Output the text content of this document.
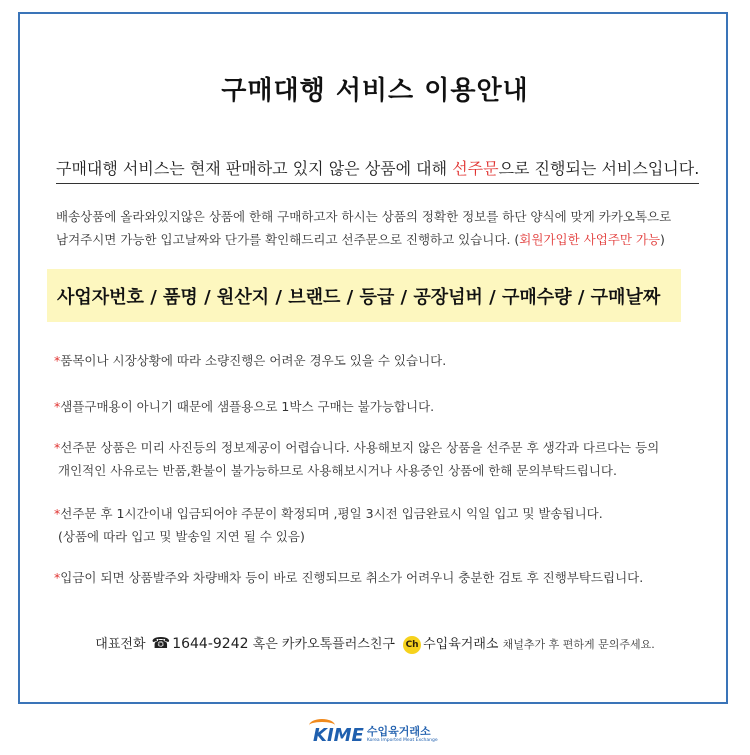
구매대행 서비스 이용안내
구매대행 서비스는 현재 판매하고 있지 않은 상품에 대해 선주문으로 진행되는 서비스입니다.
배송상품에 올라와있지않은 상품에 한해 구매하고자 하시는 상품의 정확한 정보를 하단 양식에 맞게 카카오톡으로
남겨주시면 가능한 입고날짜와 단가를 확인해드리고 선주문으로 진행하고 있습니다. (회원가입한 사업주만 가능)
사업자번호 / 품명 / 원산지 / 브랜드 / 등급 / 공장넘버 / 구매수량 / 구매날짜
*품목이나 시장상황에 따라 소량진행은 어려운 경우도 있을 수 있습니다.
*샘플구매용이 아니기 때문에 샘플용으로 1박스 구매는 불가능합니다.
*선주문 상품은 미리 사진등의 정보제공이 어렵습니다. 사용해보지 않은 상품을 선주문 후 생각과 다르다는 등의
개인적인 사유로는 반품,환불이 불가능하므로 사용해보시거나 사용중인 상품에 한해 문의부탁드립니다.
*선주문 후 1시간이내 입금되어야 주문이 확정되며 ,평일 3시전 입금완료시 익일 입고 및 발송됩니다.
(상품에 따라 입고 및 발송일 지연 될 수 있음)
*입금이 되면 상품발주와 차량배차 등이 바로 진행되므로 취소가 어려우니 충분한 검토 후 진행부탁드립니다.
대표전화 ☎ 1644-9242 혹은 카카오톡플러스친구 Ch 수입육거래소 채널추가 후 편하게 문의주세요.
KIME 수입육거래소
Korea Imported Meat Exchange
